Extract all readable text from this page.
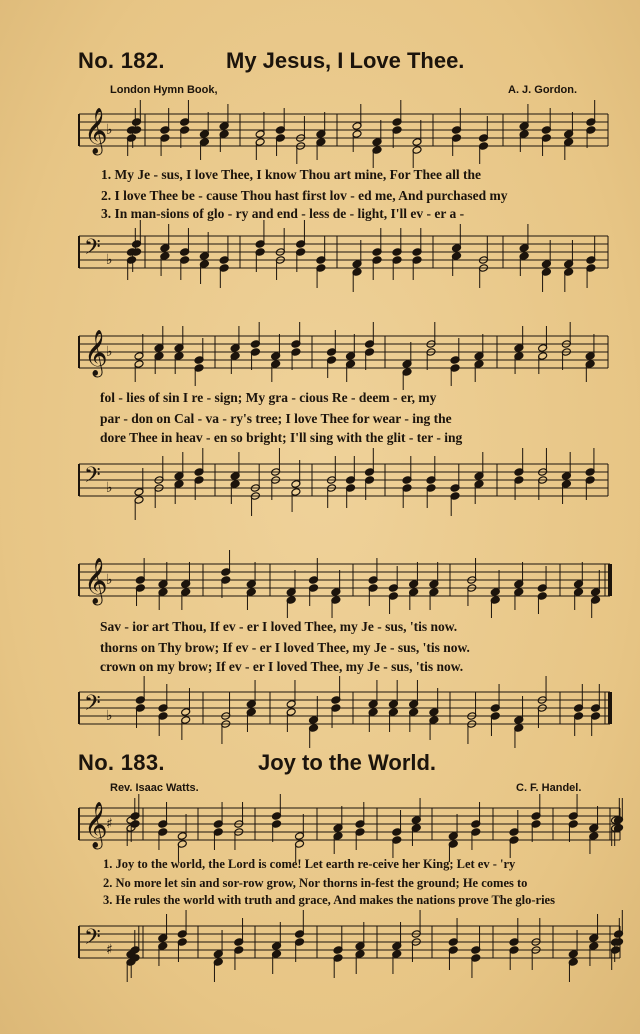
No. 182.	My Jesus, I Love Thee.
London Hymn Book,	A. J. Gordon.
𝄞
♭
1. My Je - sus, I love Thee, I know Thou art mine, For Thee all the
2. I love Thee be - cause Thou hast first lov - ed me, And purchased my
3. In man-sions of glo - ry and end - less de - light, I'll ev - er a -
𝄢 ♭
𝄞
♭
fol - lies of sin I re - sign; My gra - cious Re - deem - er, my
par - don on Cal - va - ry's tree; I love Thee for wear - ing the
dore Thee in heav - en so bright; I'll sing with the glit - ter - ing
𝄢 ♭
𝄞
♭
Sav - ior art Thou, If ev - er I loved Thee, my Je - sus, 'tis now.
thorns on Thy brow; If ev - er I loved Thee, my Je - sus, 'tis now.
crown on my brow; If ev - er I loved Thee, my Je - sus, 'tis now.
𝄢 ♭
No. 183.	Joy to the World.
Rev. Isaac Watts.	C. F. Handel.
𝄞
♯
1. Joy to the world, the Lord is come! Let earth re-ceive her King; Let ev - 'ry
2. No more let sin and sor-row grow, Nor thorns in-fest the ground; He comes to
3. He rules the world with truth and grace, And makes the nations prove The glo-ries
𝄢 ♯
